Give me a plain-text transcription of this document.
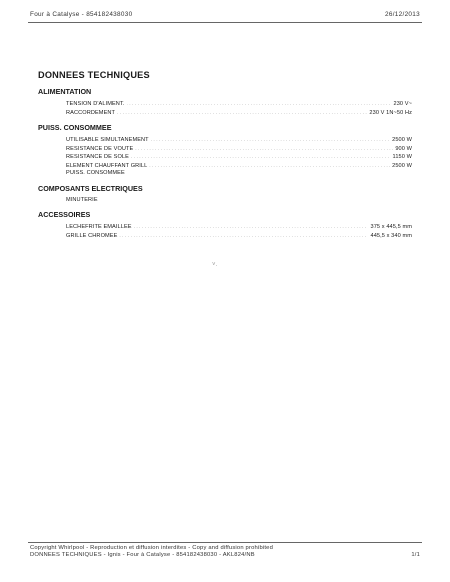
Four à Catalyse - 854182438030	26/12/2013
DONNEES TECHNIQUES
ALIMENTATION
TENSION D'ALIMENT. . . .	230 V~
RACCORDEMENT . . .	230 V 1N~50 Hz
PUISS. CONSOMMEE
UTILISABLE SIMULTANEMENT . . .	2500 W
RESISTANCE DE VOUTE . . .	900 W
RESISTANCE DE SOLE . . .	1150 W
ELEMENT CHAUFFANT GRILL . . .	2500 W
PUISS. CONSOMMEE
COMPOSANTS ELECTRIQUES
MINUTERIE
ACCESSOIRES
LECHEFRITE EMAILLEE . . .	375 x 445,5 mm
GRILLE CHROMEE . . .	445,5 x 340 mm
˅.
Copyright Whirlpool - Reproduction et diffusion interdites - Copy and diffusion prohibited
DONNEES TECHNIQUES - Ignis - Four à Catalyse - 854182438030 - AKL824/NB	1/1
